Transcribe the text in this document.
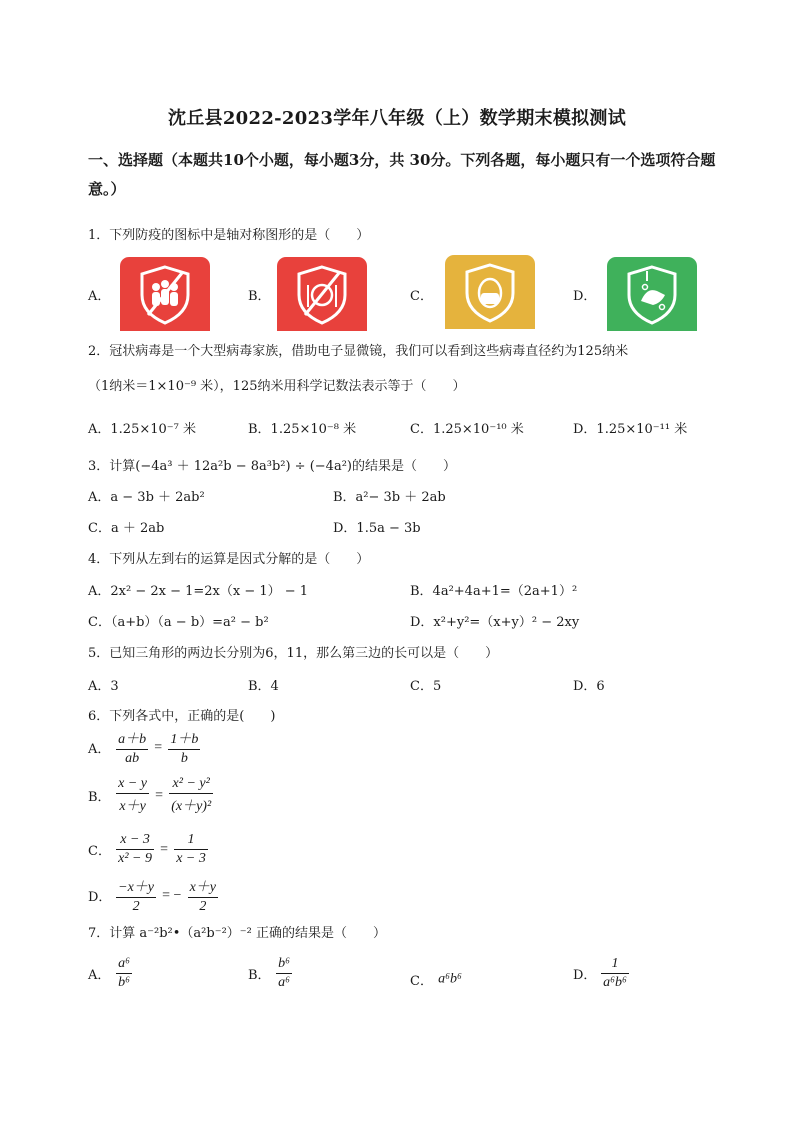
沈丘县2022-2023学年八年级（上）数学期末模拟测试
一、选择题（本题共10个小题，每小题3分，共 30分。下列各题，每小题只有一个选项符合题意。）
1．下列防疫的图标中是轴对称图形的是（　　）
A．	B．	C．	D．
2．冠状病毒是一个大型病毒家族，借助电子显微镜，我们可以看到这些病毒直径约为125纳米
（1纳米＝1×10⁻⁹ 米），125纳米用科学记数法表示等于（　　）
A．1.25×10⁻⁷ 米	B．1.25×10⁻⁸ 米	C．1.25×10⁻¹⁰ 米	D．1.25×10⁻¹¹ 米
3．计算(−4a³ ＋ 12a²b − 8a³b²) ÷ (−4a²)的结果是（　　）
A．a − 3b ＋ 2ab²	B．a²− 3b ＋ 2ab
C．a ＋ 2ab	D．1.5a − 3b
4．下列从左到右的运算是因式分解的是（　　）
A．2x² − 2x − 1=2x（x − 1） − 1	B．4a²+4a+1=（2a+1）²
C．（a+b）（a − b）=a² − b²	D．x²+y²=（x+y）² − 2xy
5．已知三角形的两边长分别为6，11，那么第三边的长可以是（　　）
A．3	B．4	C．5	D．6
6．下列各式中，正确的是(　　)
A． $\frac{a+b}{ab} = \frac{1+b}{b}$
B． $\frac{x - y}{x+y} = \frac{\text{x² − y²}}{\text{(x＋y)²}}$
C． $\frac{x - 3}{\text{x² − 9}} = \frac{1}{x - 3}$
D． $\frac{-x+y}{2}$ = − $\frac{x+y}{2}$
7．计算 a⁻²b²•（a²b⁻²）⁻² 正确的结果是（　　）
A． $\frac{\text{a⁶}}{\text{b⁶}}$	B． $\frac{\text{b⁶}}{\text{a⁶}}$	C． a⁶b⁶	D． $\frac{1}{\text{a⁶b⁶}}$
